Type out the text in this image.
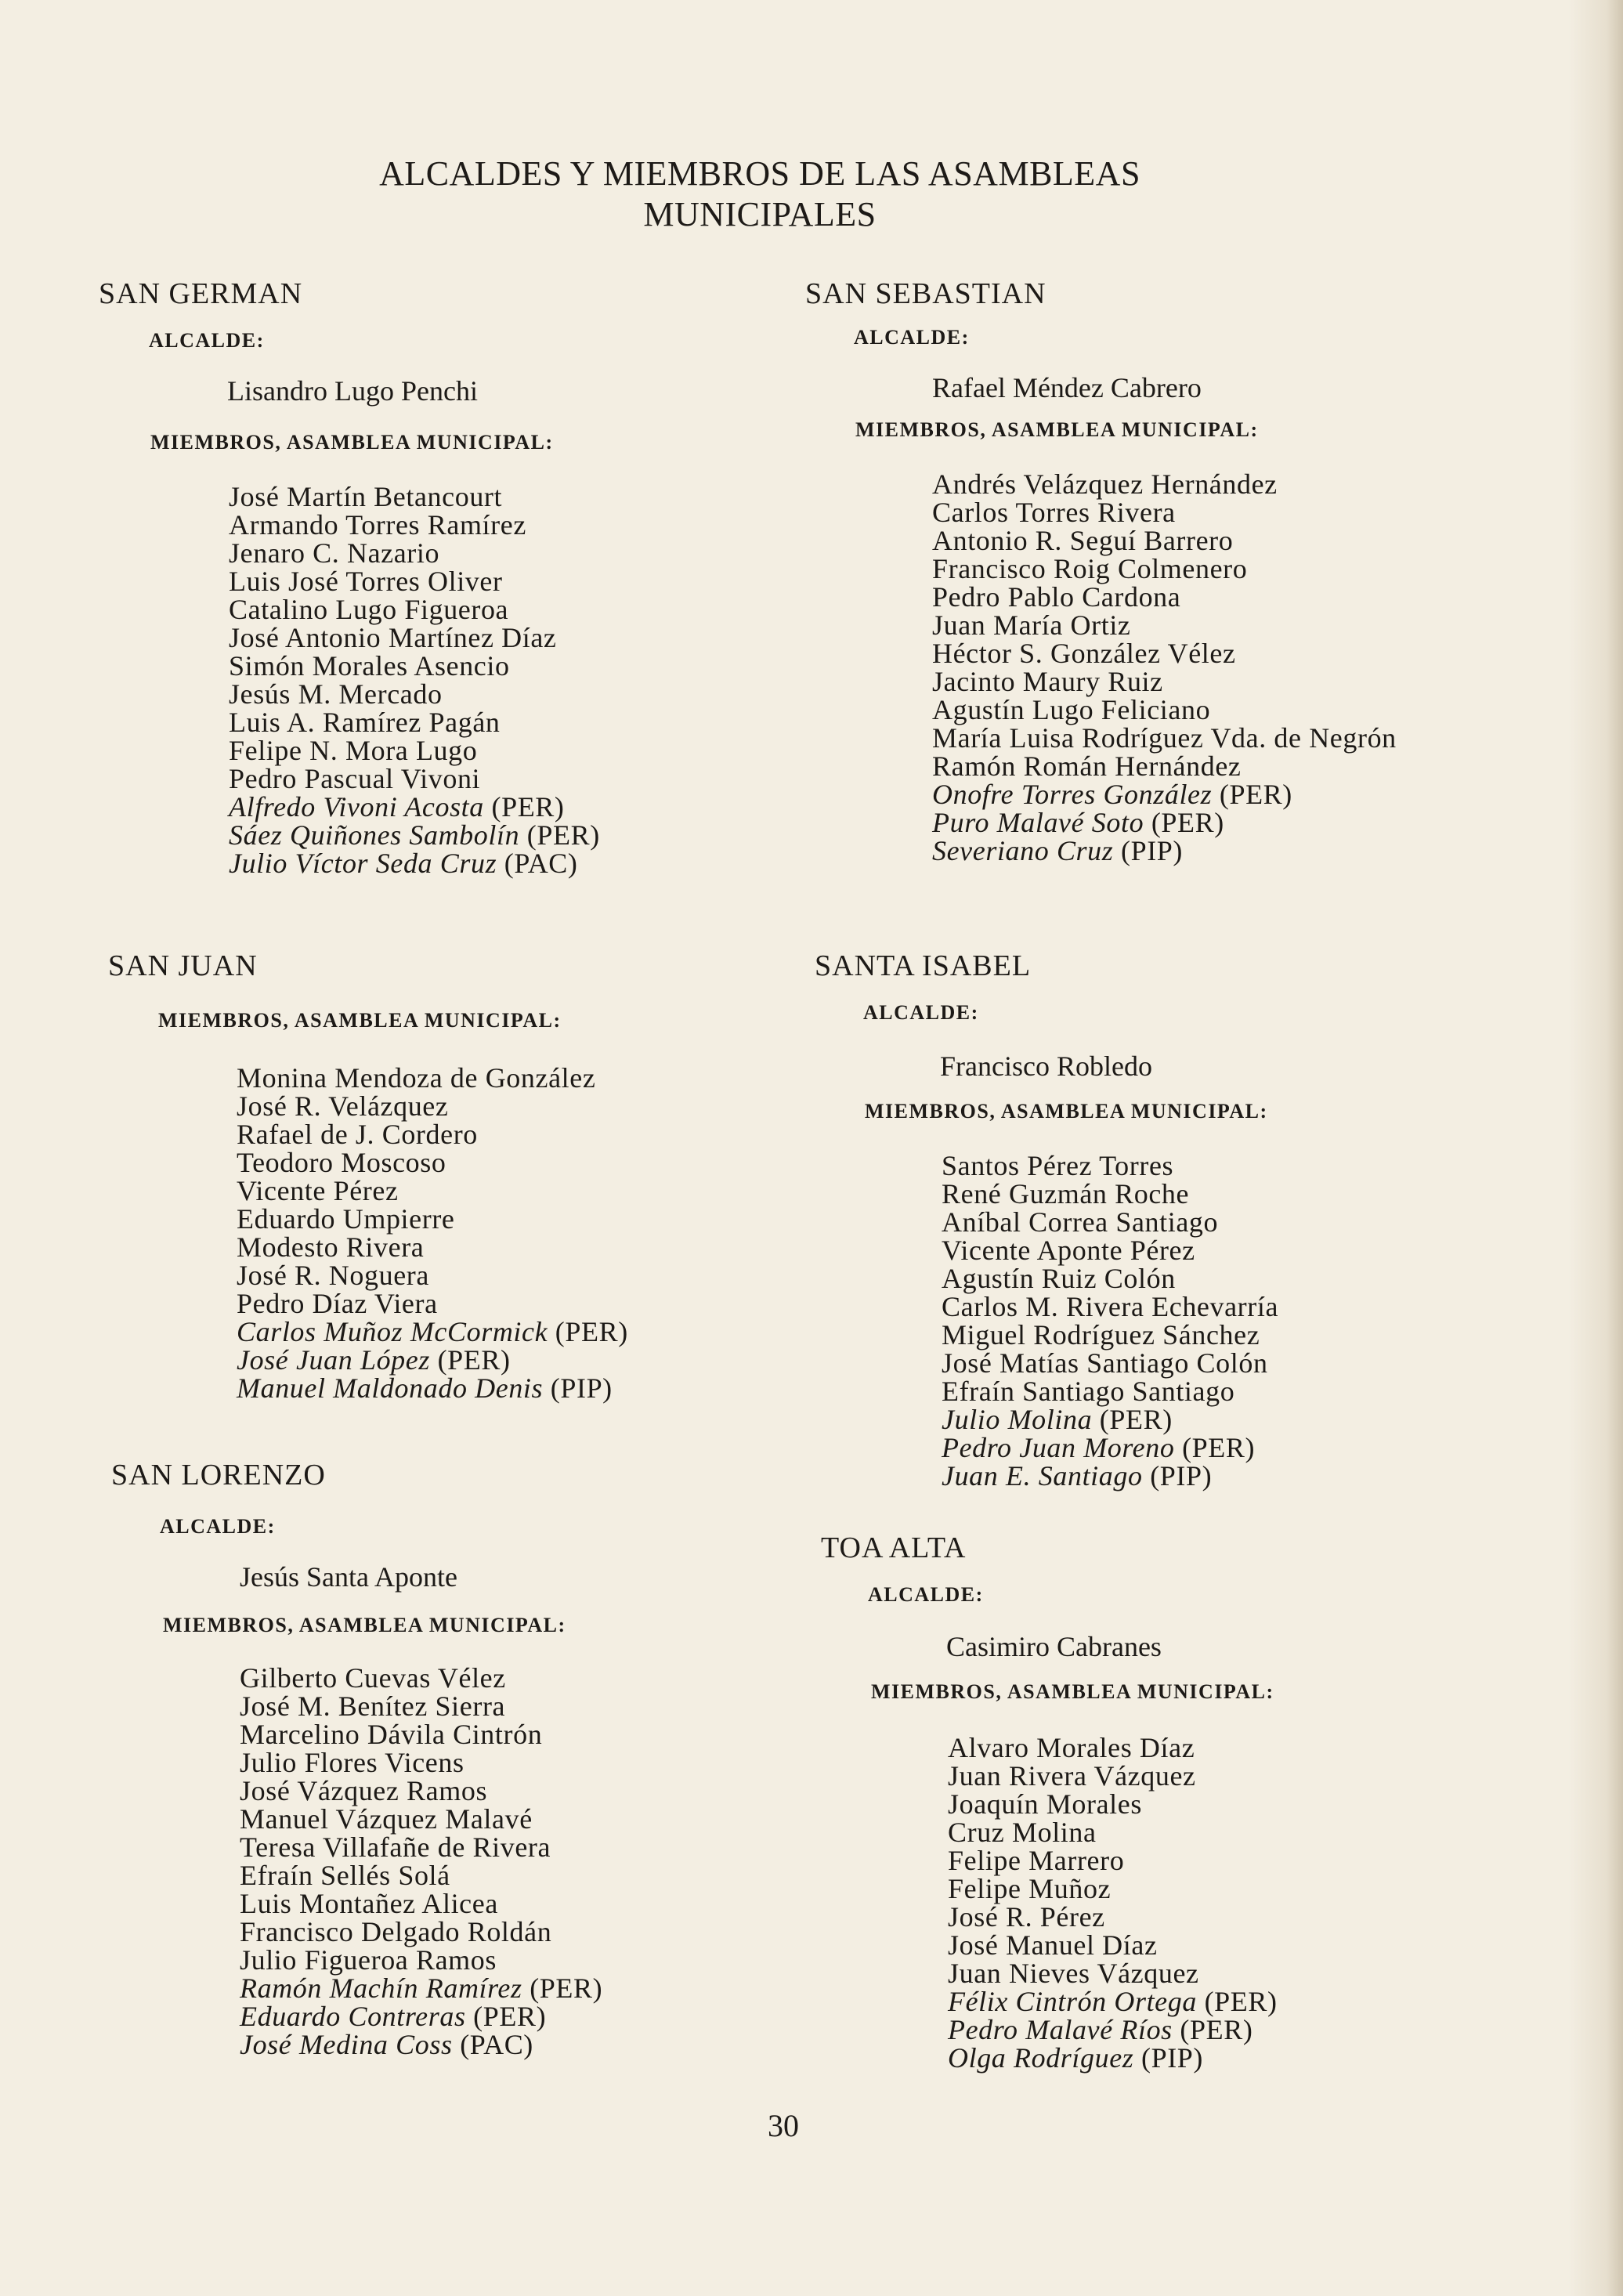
ALCALDES Y MIEMBROS DE LAS ASAMBLEAS
MUNICIPALES
SAN GERMAN
ALCALDE:
Lisandro Lugo Penchi
MIEMBROS, ASAMBLEA MUNICIPAL:
José Martín Betancourt
Armando Torres Ramírez
Jenaro C. Nazario
Luis José Torres Oliver
Catalino Lugo Figueroa
José Antonio Martínez Díaz
Simón Morales Asencio
Jesús M. Mercado
Luis A. Ramírez Pagán
Felipe N. Mora Lugo
Pedro Pascual Vivoni
Alfredo Vivoni Acosta (PER)
Sáez Quiñones Sambolín (PER)
Julio Víctor Seda Cruz (PAC)
SAN JUAN
MIEMBROS, ASAMBLEA MUNICIPAL:
Monina Mendoza de González
José R. Velázquez
Rafael de J. Cordero
Teodoro Moscoso
Vicente Pérez
Eduardo Umpierre
Modesto Rivera
José R. Noguera
Pedro Díaz Viera
Carlos Muñoz McCormick (PER)
José Juan López (PER)
Manuel Maldonado Denis (PIP)
SAN LORENZO
ALCALDE:
Jesús Santa Aponte
MIEMBROS, ASAMBLEA MUNICIPAL:
Gilberto Cuevas Vélez
José M. Benítez Sierra
Marcelino Dávila Cintrón
Julio Flores Vicens
José Vázquez Ramos
Manuel Vázquez Malavé
Teresa Villafañe de Rivera
Efraín Sellés Solá
Luis Montañez Alicea
Francisco Delgado Roldán
Julio Figueroa Ramos
Ramón Machín Ramírez (PER)
Eduardo Contreras (PER)
José Medina Coss (PAC)
SAN SEBASTIAN
ALCALDE:
Rafael Méndez Cabrero
MIEMBROS, ASAMBLEA MUNICIPAL:
Andrés Velázquez Hernández
Carlos Torres Rivera
Antonio R. Seguí Barrero
Francisco Roig Colmenero
Pedro Pablo Cardona
Juan María Ortiz
Héctor S. González Vélez
Jacinto Maury Ruiz
Agustín Lugo Feliciano
María Luisa Rodríguez Vda. de Negrón
Ramón Román Hernández
Onofre Torres González (PER)
Puro Malavé Soto (PER)
Severiano Cruz (PIP)
SANTA ISABEL
ALCALDE:
Francisco Robledo
MIEMBROS, ASAMBLEA MUNICIPAL:
Santos Pérez Torres
René Guzmán Roche
Aníbal Correa Santiago
Vicente Aponte Pérez
Agustín Ruiz Colón
Carlos M. Rivera Echevarría
Miguel Rodríguez Sánchez
José Matías Santiago Colón
Efraín Santiago Santiago
Julio Molina (PER)
Pedro Juan Moreno (PER)
Juan E. Santiago (PIP)
TOA ALTA
ALCALDE:
Casimiro Cabranes
MIEMBROS, ASAMBLEA MUNICIPAL:
Alvaro Morales Díaz
Juan Rivera Vázquez
Joaquín Morales
Cruz Molina
Felipe Marrero
Felipe Muñoz
José R. Pérez
José Manuel Díaz
Juan Nieves Vázquez
Félix Cintrón Ortega (PER)
Pedro Malavé Ríos (PER)
Olga Rodríguez (PIP)
30
